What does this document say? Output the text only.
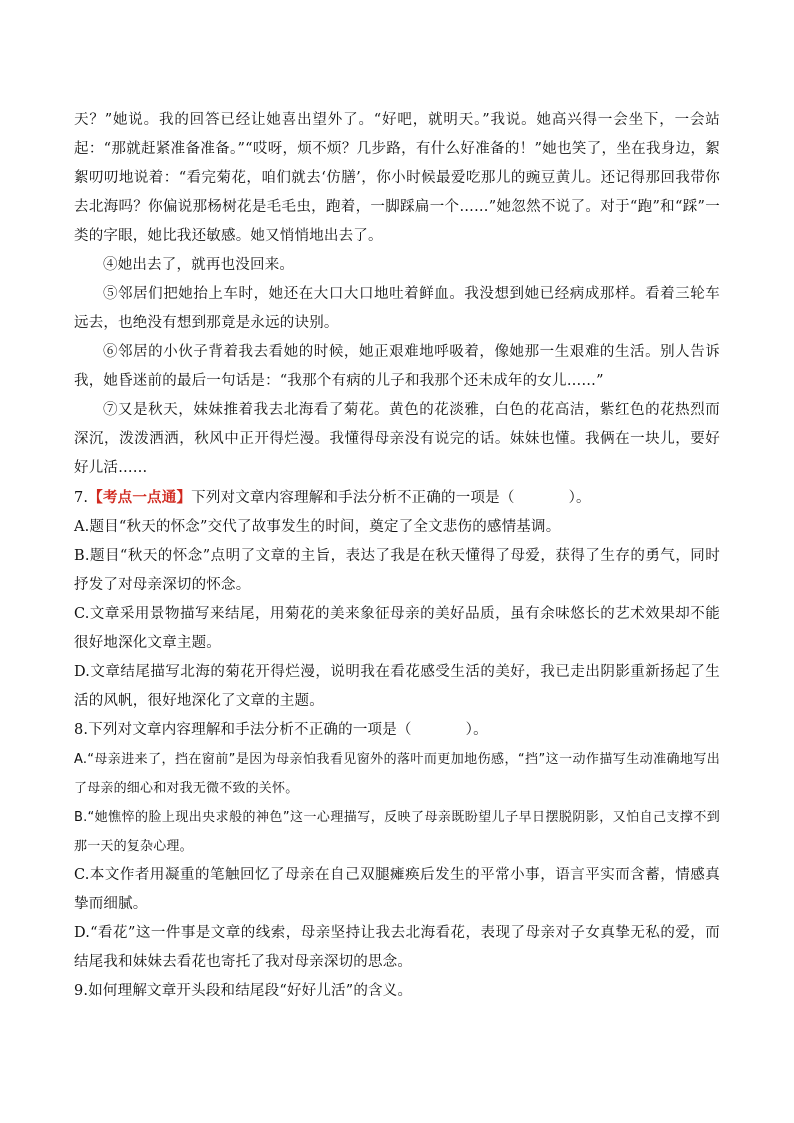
天？”她说。我的回答已经让她喜出望外了。“好吧，就明天。”我说。她高兴得一会坐下，一会站起：“那就赶紧准备准备。”“哎呀，烦不烦？几步路，有什么好准备的！”她也笑了，坐在我身边，絮絮叨叨地说着：“看完菊花，咱们就去‘仿膳’，你小时候最爱吃那儿的豌豆黄儿。还记得那回我带你去北海吗？你偏说那杨树花是毛毛虫，跑着，一脚踩扁一个……”她忽然不说了。对于“跑”和“踩”一类的字眼，她比我还敏感。她又悄悄地出去了。

④她出去了，就再也没回来。

⑤邻居们把她抬上车时，她还在大口大口地吐着鲜血。我没想到她已经病成那样。看着三轮车远去，也绝没有想到那竟是永远的诀别。

⑥邻居的小伙子背着我去看她的时候，她正艰难地呼吸着，像她那一生艰难的生活。别人告诉我，她昏迷前的最后一句话是：“我那个有病的儿子和我那个还未成年的女儿……”

⑦又是秋天，妹妹推着我去北海看了菊花。黄色的花淡雅，白色的花高洁，紫红色的花热烈而深沉，泼泼洒洒，秋风中正开得烂漫。我懂得母亲没有说完的话。妹妹也懂。我俩在一块儿，要好好儿活……

7.【考点一点通】下列对文章内容理解和手法分析不正确的一项是（	）。

A.题目“秋天的怀念”交代了故事发生的时间，奠定了全文悲伤的感情基调。

B.题目“秋天的怀念”点明了文章的主旨，表达了我是在秋天懂得了母爱，获得了生存的勇气，同时抒发了对母亲深切的怀念。

C.文章采用景物描写来结尾，用菊花的美来象征母亲的美好品质，虽有余味悠长的艺术效果却不能很好地深化文章主题。

D.文章结尾描写北海的菊花开得烂漫，说明我在看花感受生活的美好，我已走出阴影重新扬起了生活的风帆，很好地深化了文章的主题。

8.下列对文章内容理解和手法分析不正确的一项是（	）。

A.“母亲进来了，挡在窗前”是因为母亲怕我看见窗外的落叶而更加地伤感，“挡”这一动作描写生动准确地写出了母亲的细心和对我无微不致的关怀。

B.“她憔悴的脸上现出央求般的神色”这一心理描写，反映了母亲既盼望儿子早日摆脱阴影，又怕自己支撑不到那一天的复杂心理。

C.本文作者用凝重的笔触回忆了母亲在自己双腿瘫痪后发生的平常小事，语言平实而含蓄，情感真挚而细腻。

D.“看花”这一件事是文章的线索，母亲坚持让我去北海看花，表现了母亲对子女真挚无私的爱，而结尾我和妹妹去看花也寄托了我对母亲深切的思念。

9.如何理解文章开头段和结尾段“好好儿活”的含义。
